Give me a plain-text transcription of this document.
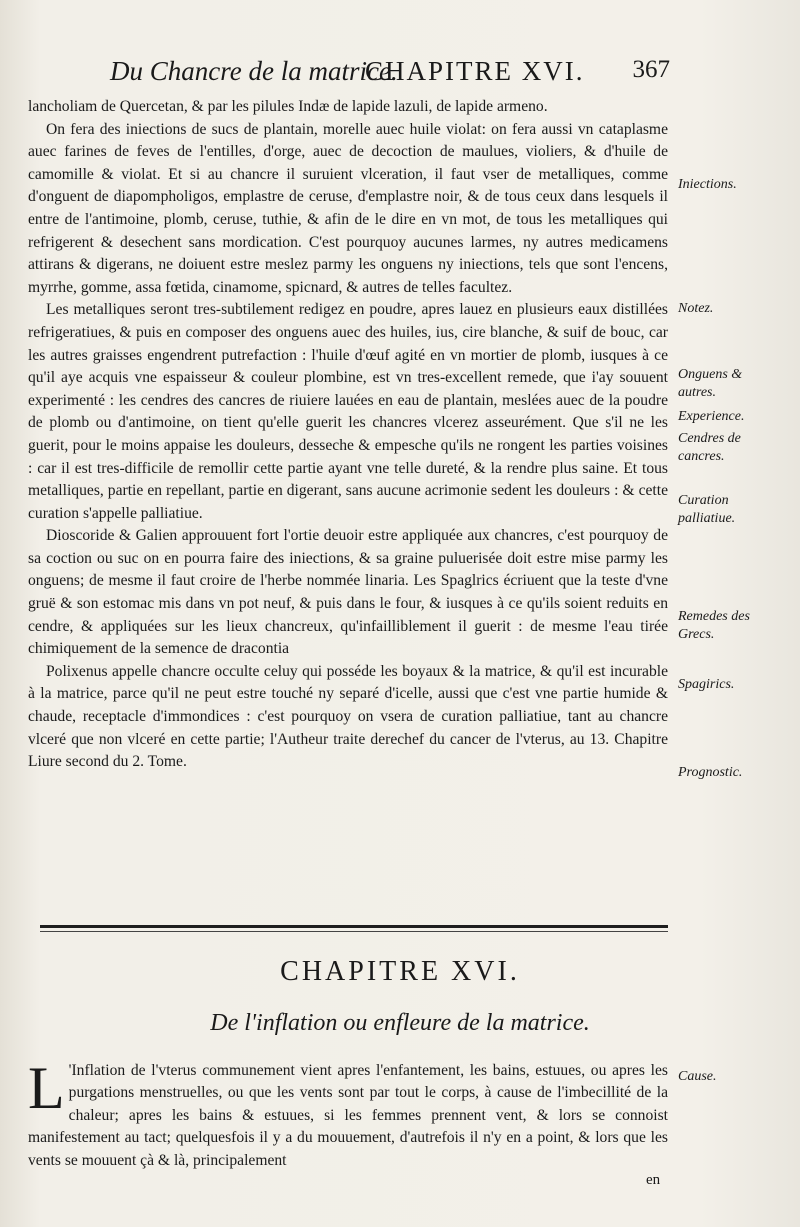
Du Chancre de la matrice.
CHAPITRE XVI. 367

lancholiam de Quercetan, & par les pilules Indæ de lapide lazuli, de lapide armeno.

On fera des iniections de sucs de plantain, morelle auec huile violat: on fera aussi vn cataplasme auec farines de feves de l'entilles, d'orge, auec de decoction de maulues, violiers, & d'huile de camomille & violat. Et si au chancre il suruient vlceration, il faut vser de metalliques, comme d'onguent de diapompholigos, emplastre de ceruse, d'emplastre noir, & de tous ceux dans lesquels il entre de l'antimoine, plomb, ceruse, tuthie, & afin de le dire en vn mot, de tous les metalliques qui refrigerent & desechent sans mordication. C'est pourquoy aucunes larmes, ny autres medicamens attirans & digerans, ne doiuent estre meslez parmy les onguens ny iniections, tels que sont l'encens, myrrhe, gomme, assa fœtida, cinamome, spicnard, & autres de telles facultez.

Les metalliques seront tres-subtilement redigez en poudre, apres lauez en plusieurs eaux distillées refrigeratiues, & puis en composer des onguens auec des huiles, ius, cire blanche, & suif de bouc, car les autres graisses engendrent putrefaction : l'huile d'œuf agité en vn mortier de plomb, iusques à ce qu'il aye acquis vne espaisseur & couleur plombine, est vn tres-excellent remede, que i'ay souuent experimenté : les cendres des cancres de riuiere lauées en eau de plantain, meslées auec de la poudre de plomb ou d'antimoine, on tient qu'elle guerit les chancres vlcerez asseurément. Que s'il ne les guerit, pour le moins appaise les douleurs, desseche & empesche qu'ils ne rongent les parties voisines : car il est tres-difficile de remollir cette partie ayant vne telle dureté, & la rendre plus saine. Et tous metalliques, partie en repellant, partie en digerant, sans aucune acrimonie sedent les douleurs : & cette curation s'appelle palliatiue.

Dioscoride & Galien approuuent fort l'ortie deuoir estre appliquée aux chancres, c'est pourquoy de sa coction ou suc on en pourra faire des iniections, & sa graine puluerisée doit estre mise parmy les onguens; de mesme il faut croire de l'herbe nommée linaria. Les Spaglrics écriuent que la teste d'vne gruë & son estomac mis dans vn pot neuf, & puis dans le four, & iusques à ce qu'ils soient reduits en cendre, & appliquées sur les lieux chancreux, qu'infailliblement il guerit : de mesme l'eau tirée chimiquement de la semence de dracontia

Polixenus appelle chancre occulte celuy qui posséde les boyaux & la matrice, & qu'il est incurable à la matrice, parce qu'il ne peut estre touché ny separé d'icelle, aussi que c'est vne partie humide & chaude, receptacle d'immondices : c'est pourquoy on vsera de curation palliatiue, tant au chancre vlceré que non vlceré en cette partie; l'Autheur traite derechef du cancer de l'vterus, au 13. Chapitre Liure second du 2. Tome.

Iniections.
Notez.
Onguens & autres.
Experience.
Cendres de cancres.
Curation palliatiue.
Remedes des Grecs.
Spagirics.
Prognostic.
Cause.
CHAPITRE XVI.
De l'inflation ou enfleure de la matrice.
L 'Inflation de l'vterus communement vient apres l'enfantement, les bains, estuues, ou apres les purgations menstruelles, ou que les vents sont par tout le corps, à cause de l'imbecillité de la chaleur; apres les bains & estuues, si les femmes prennent vent, & lors se connoist manifestement au tact; quelquesfois il y a du mouuement, d'autrefois il n'y en a point, & lors que les vents se mouuent çà & là, principalement
en
